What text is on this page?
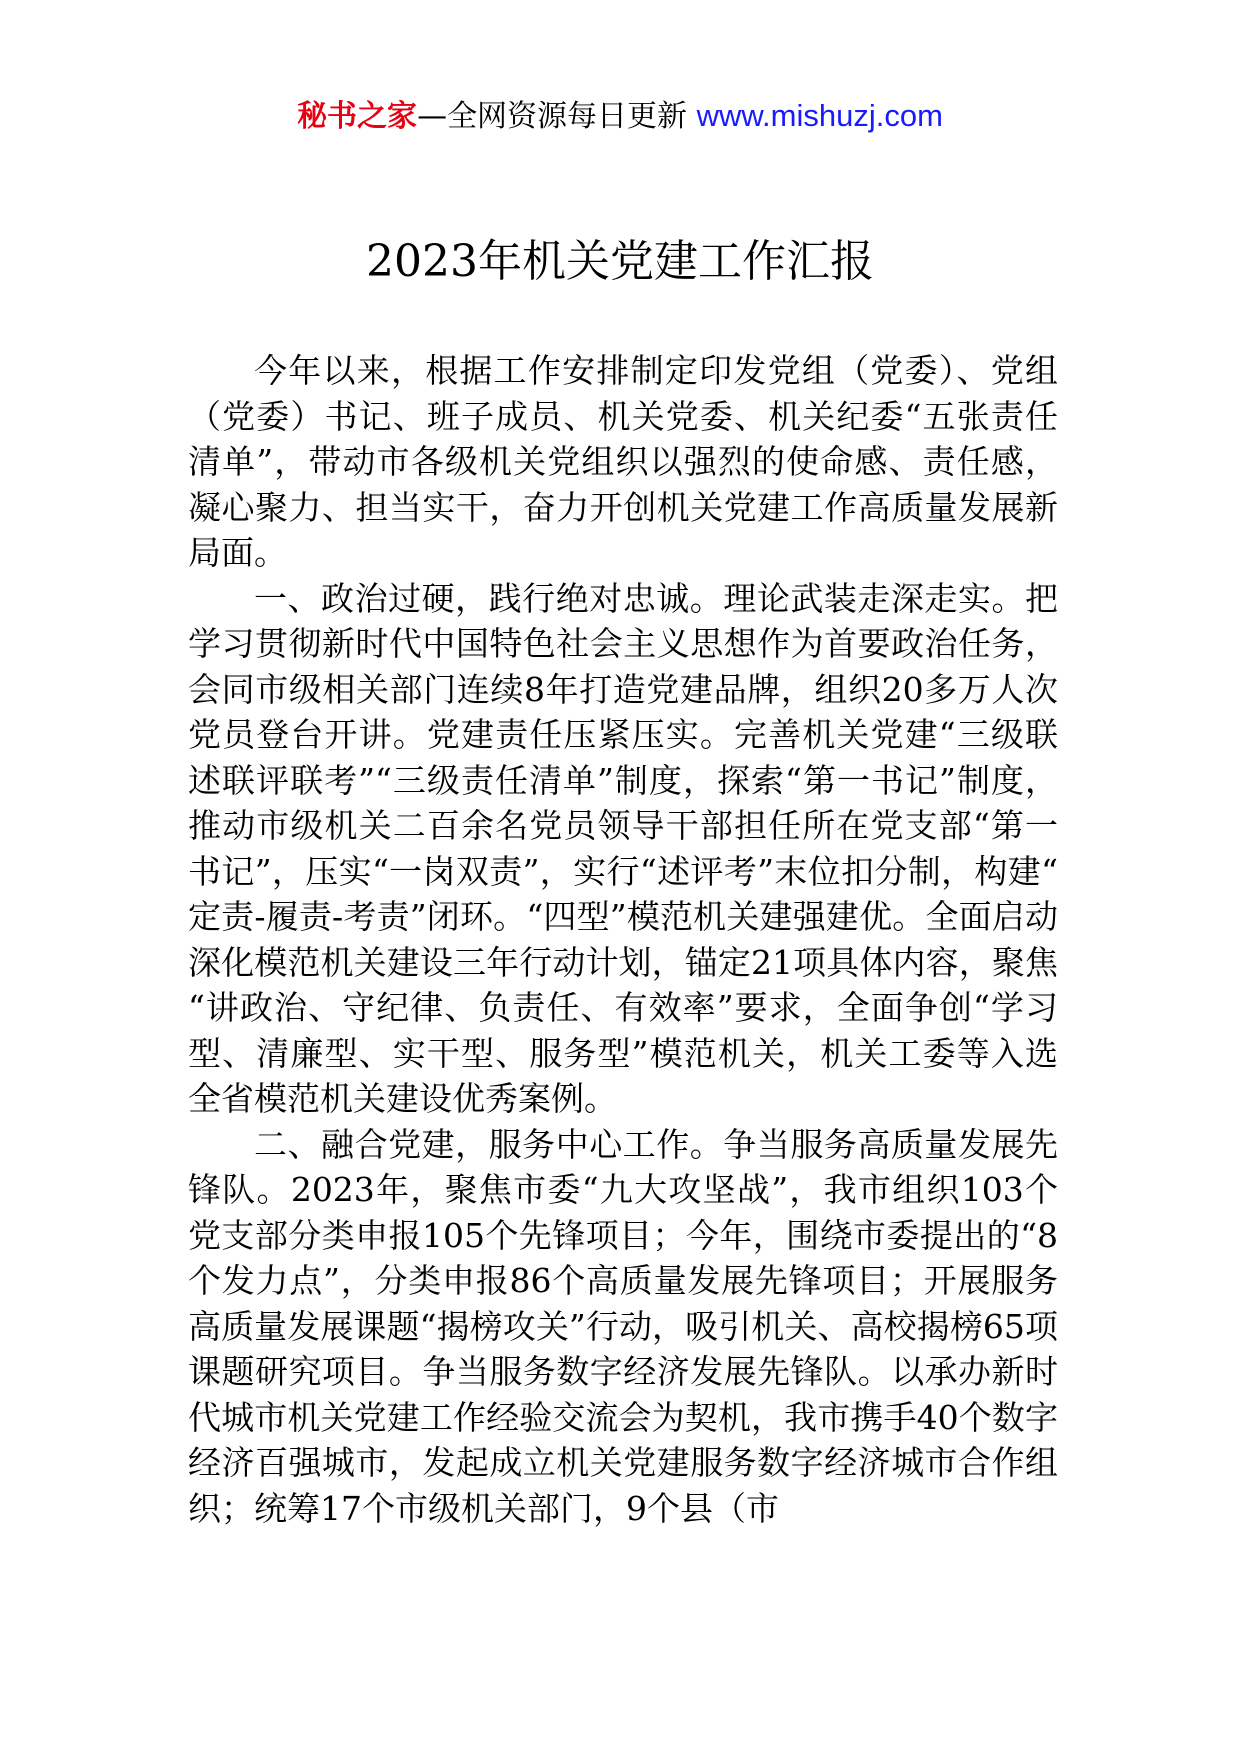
秘书之家—全网资源每日更新 www.mishuzj.com
2023年机关党建工作汇报

今年以来，根据工作安排制定印发党组（党委）、党组（党委）书记、班子成员、机关党委、机关纪委“五张责任清单”，带动市各级机关党组织以强烈的使命感、责任感，凝心聚力、担当实干，奋力开创机关党建工作高质量发展新局面。

一、政治过硬，践行绝对忠诚。理论武装走深走实。把学习贯彻新时代中国特色社会主义思想作为首要政治任务，会同市级相关部门连续8年打造党建品牌，组织20多万人次党员登台开讲。党建责任压紧压实。完善机关党建“三级联述联评联考”“三级责任清单”制度，探索“第一书记”制度，推动市级机关二百余名党员领导干部担任所在党支部“第一书记”，压实“一岗双责”，实行“述评考”末位扣分制，构建“定责-履责-考责”闭环。“四型”模范机关建强建优。全面启动深化模范机关建设三年行动计划，锚定21项具体内容，聚焦“讲政治、守纪律、负责任、有效率”要求，全面争创“学习型、清廉型、实干型、服务型”模范机关，机关工委等入选全省模范机关建设优秀案例。

二、融合党建，服务中心工作。争当服务高质量发展先锋队。2023年，聚焦市委“九大攻坚战”，我市组织103个党支部分类申报105个先锋项目；今年，围绕市委提出的“8个发力点”，分类申报86个高质量发展先锋项目；开展服务高质量发展课题“揭榜攻关”行动，吸引机关、高校揭榜65项课题研究项目。争当服务数字经济发展先锋队。以承办新时代城市机关党建工作经验交流会为契机，我市携手40个数字经济百强城市，发起成立机关党建服务数字经济城市合作组织；统筹17个市级机关部门，9个县（市
